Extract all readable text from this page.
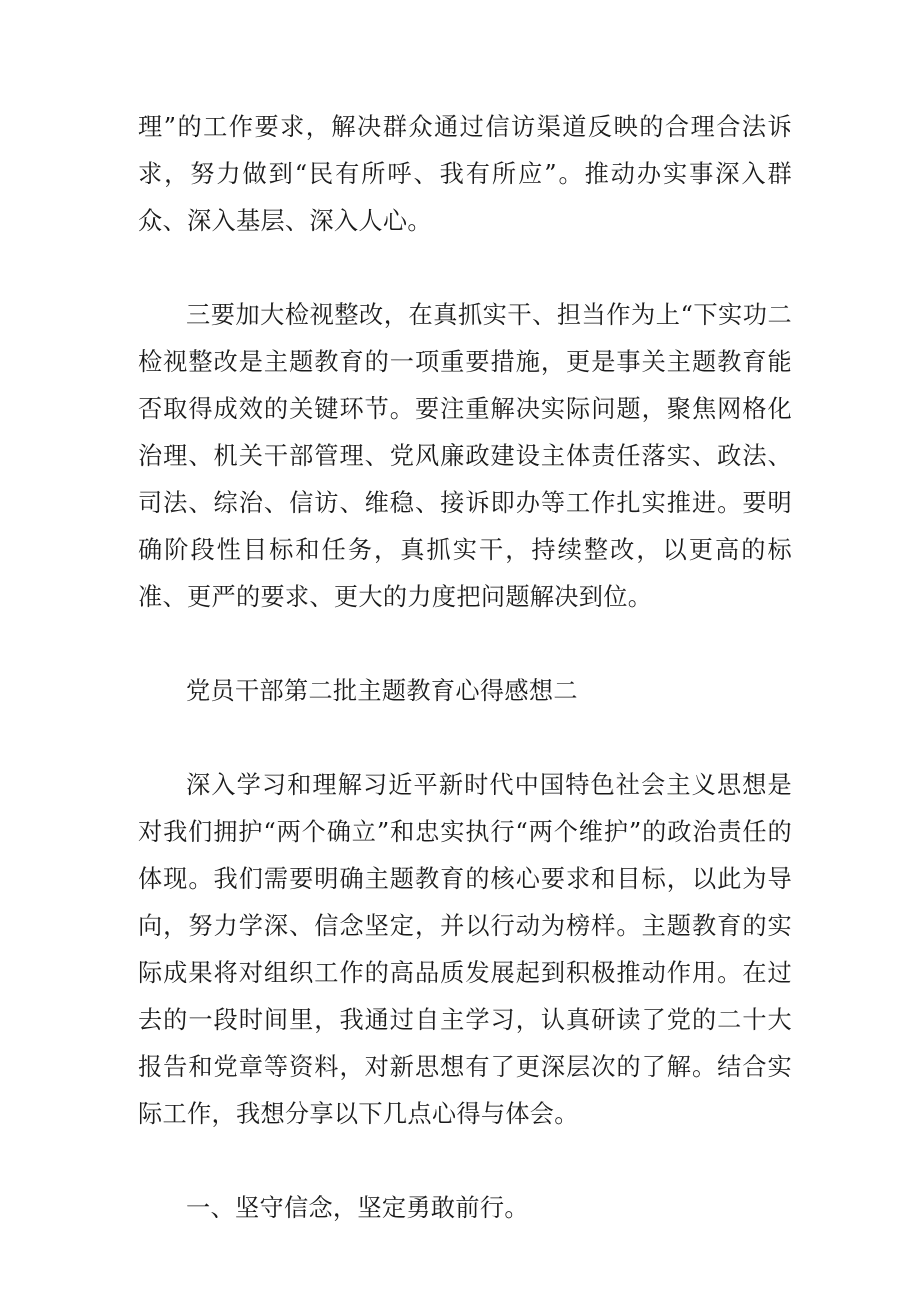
理”的工作要求，解决群众通过信访渠道反映的合理合法诉求，努力做到“民有所呼、我有所应”。推动办实事深入群众、深入基层、深入人心。

三要加大检视整改，在真抓实干、担当作为上“下实功二检视整改是主题教育的一项重要措施，更是事关主题教育能否取得成效的关键环节。要注重解决实际问题，聚焦网格化治理、机关干部管理、党风廉政建设主体责任落实、政法、司法、综治、信访、维稳、接诉即办等工作扎实推进。要明确阶段性目标和任务，真抓实干，持续整改，以更高的标准、更严的要求、更大的力度把问题解决到位。

党员干部第二批主题教育心得感想二

深入学习和理解习近平新时代中国特色社会主义思想是对我们拥护“两个确立”和忠实执行“两个维护”的政治责任的体现。我们需要明确主题教育的核心要求和目标，以此为导向，努力学深、信念坚定，并以行动为榜样。主题教育的实际成果将对组织工作的高品质发展起到积极推动作用。在过去的一段时间里，我通过自主学习，认真研读了党的二十大报告和党章等资料，对新思想有了更深层次的了解。结合实际工作，我想分享以下几点心得与体会。

一、坚守信念，坚定勇敢前行。
